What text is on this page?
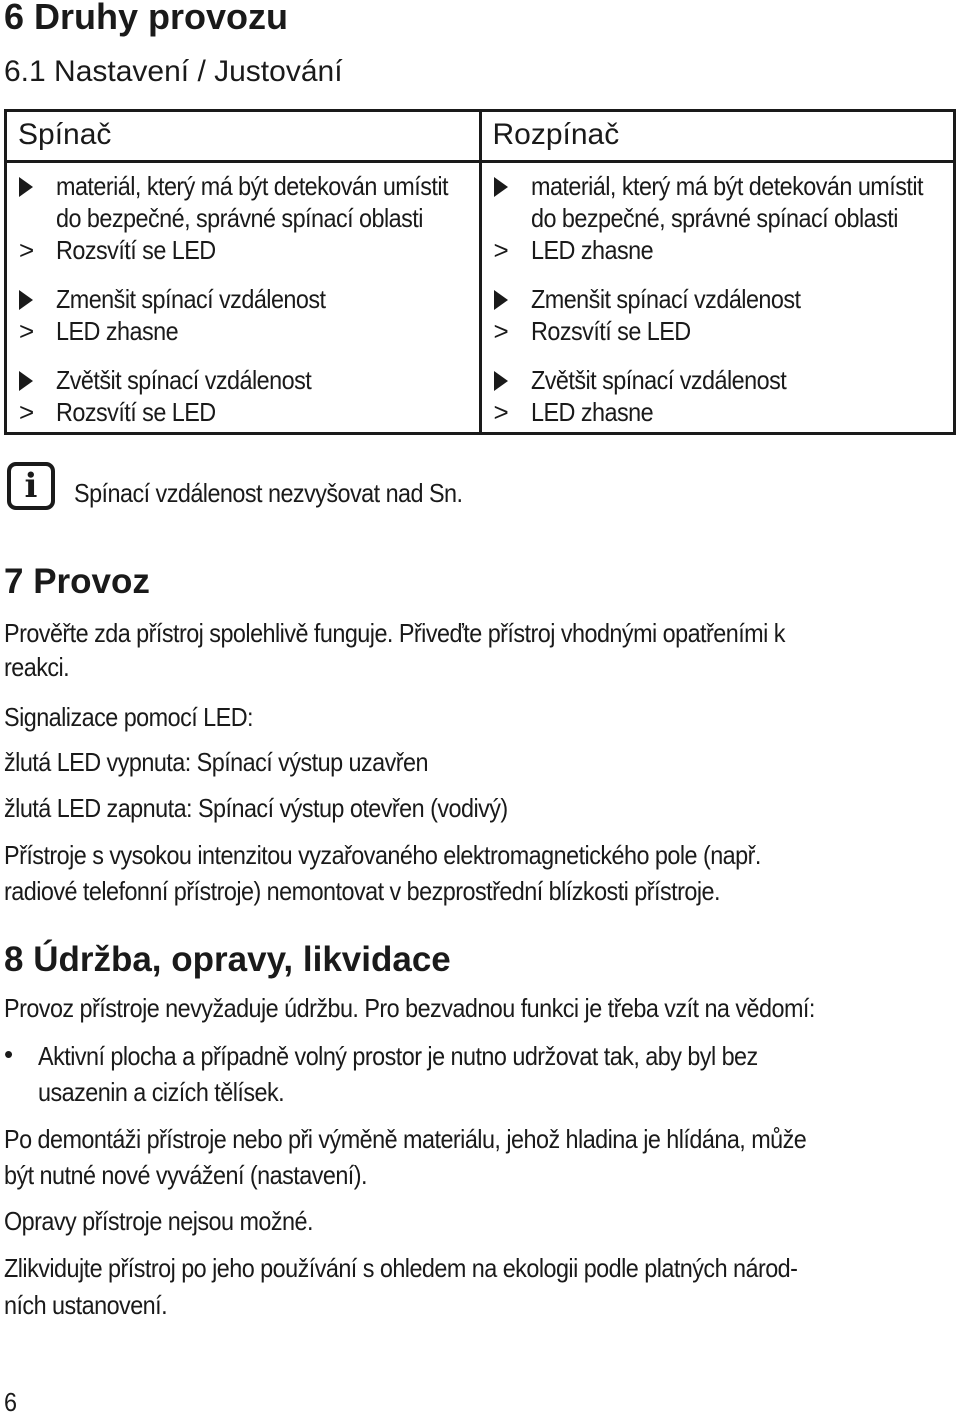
6 Druhy provozu
6.1 Nastavení / Justování
Spínač
materiál, který má být detekován umístit
do bezpečné, správné spínací oblasti
> Rozsvítí se LED
Zmenšit spínací vzdálenost
> LED zhasne
Zvětšit spínací vzdálenost
> Rozsvítí se LED
Rozpínač
materiál, který má být detekován umístit
do bezpečné, správné spínací oblasti
> LED zhasne
Zmenšit spínací vzdálenost
> Rozsvítí se LED
Zvětšit spínací vzdálenost
> LED zhasne
i	Spínací vzdálenost nezvyšovat nad Sn.
7 Provoz
Prověřte zda přístroj spolehlivě funguje. Přiveďte přístroj vhodnými opatřeními k
reakci.
Signalizace pomocí LED:
žlutá LED vypnuta: Spínací výstup uzavřen
žlutá LED zapnuta: Spínací výstup otevřen (vodivý)
Přístroje s vysokou intenzitou vyzařovaného elektromagnetického pole (např.
radiové telefonní přístroje) nemontovat v bezprostřední blízkosti přístroje.
8 Údržba, opravy, likvidace
Provoz přístroje nevyžaduje údržbu. Pro bezvadnou funkci je třeba vzít na vědomí:
• Aktivní plocha a případně volný prostor je nutno udržovat tak, aby byl bez
usazenin a cizích tělísek.
Po demontáži přístroje nebo při výměně materiálu, jehož hladina je hlídána, může
být nutné nové vyvážení (nastavení).
Opravy přístroje nejsou možné.
Zlikvidujte přístroj po jeho používání s ohledem na ekologii podle platných národ-
ních ustanovení.
6
